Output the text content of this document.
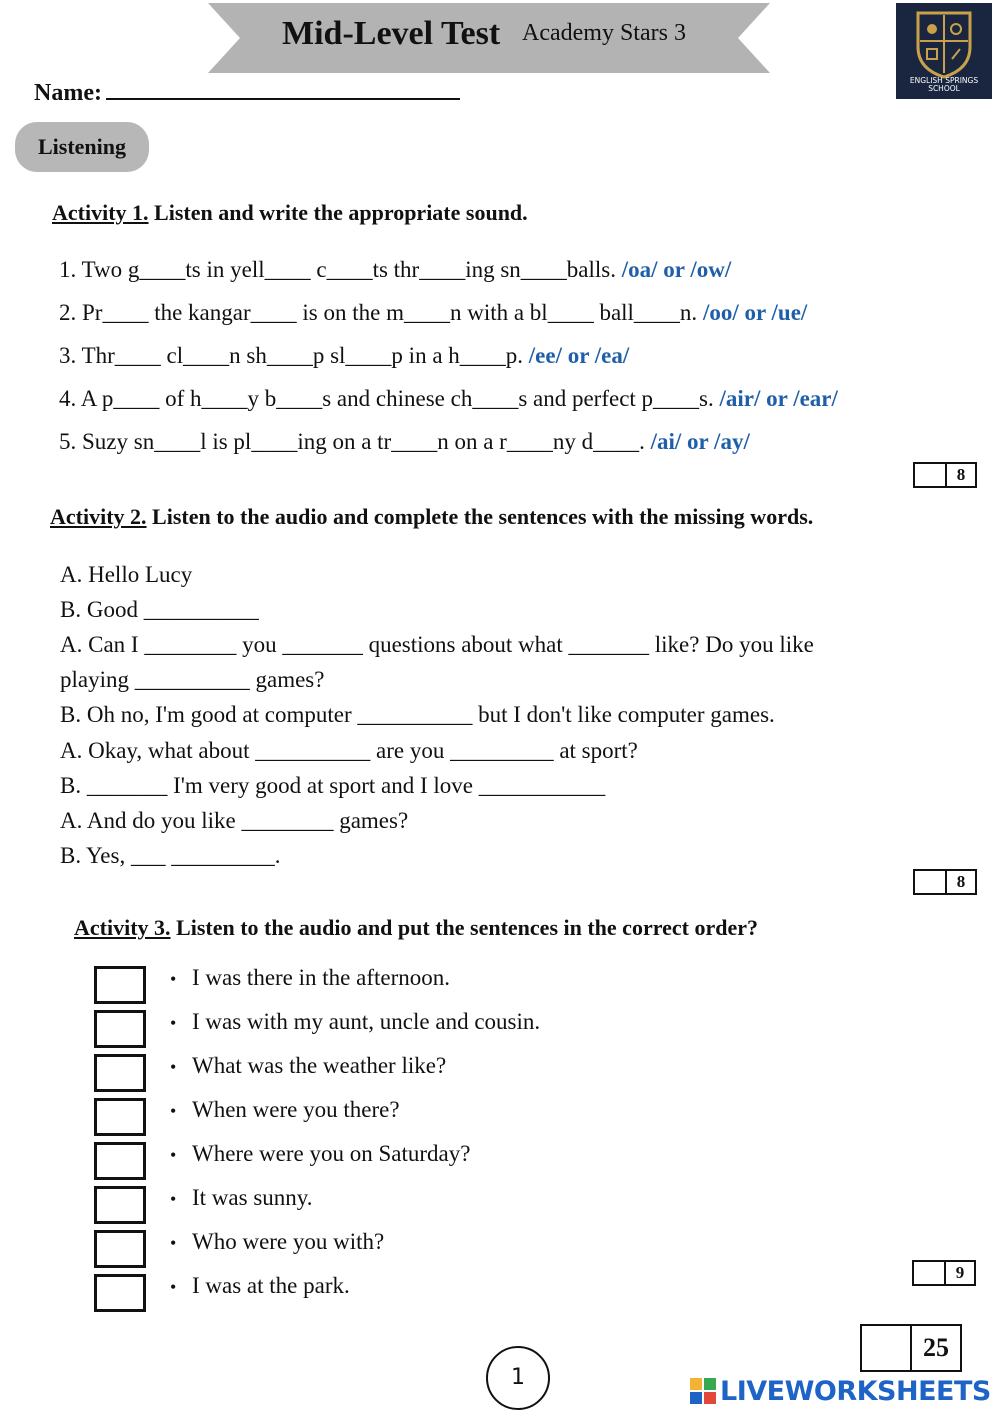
Mid-Level Test Academy Stars 3
ENGLISH SPRINGS
SCHOOL
Name:
Listening
Activity 1. Listen and write the appropriate sound.
1. Two g____ts in yell____ c____ts thr____ing sn____balls. /oa/ or /ow/
2. Pr____ the kangar____ is on the m____n with a bl____ ball____n. /oo/ or /ue/
3. Thr____ cl____n sh____p sl____p in a h____p. /ee/ or /ea/
4. A p____ of h____y b____s and chinese ch____s and perfect p____s. /air/ or /ear/
5. Suzy sn____l is pl____ing on a tr____n on a r____ny d____. /ai/ or /ay/
8
Activity 2. Listen to the audio and complete the sentences with the missing words.
A. Hello Lucy
B. Good __________
A. Can I ________ you _______ questions about what _______ like? Do you like
playing __________ games?
B. Oh no, I'm good at computer __________ but I don't like computer games.
A. Okay, what about __________ are you _________ at sport?
B. _______ I'm very good at sport and I love ___________
A. And do you like ________ games?
B. Yes, ___ _________.
8
Activity 3. Listen to the audio and put the sentences in the correct order?
• I was there in the afternoon.
• I was with my aunt, uncle and cousin.
• What was the weather like?
• When were you there?
• Where were you on Saturday?
• It was sunny.
• Who were you with?
• I was at the park.
9
25
1	LIVEWORKSHEETS
